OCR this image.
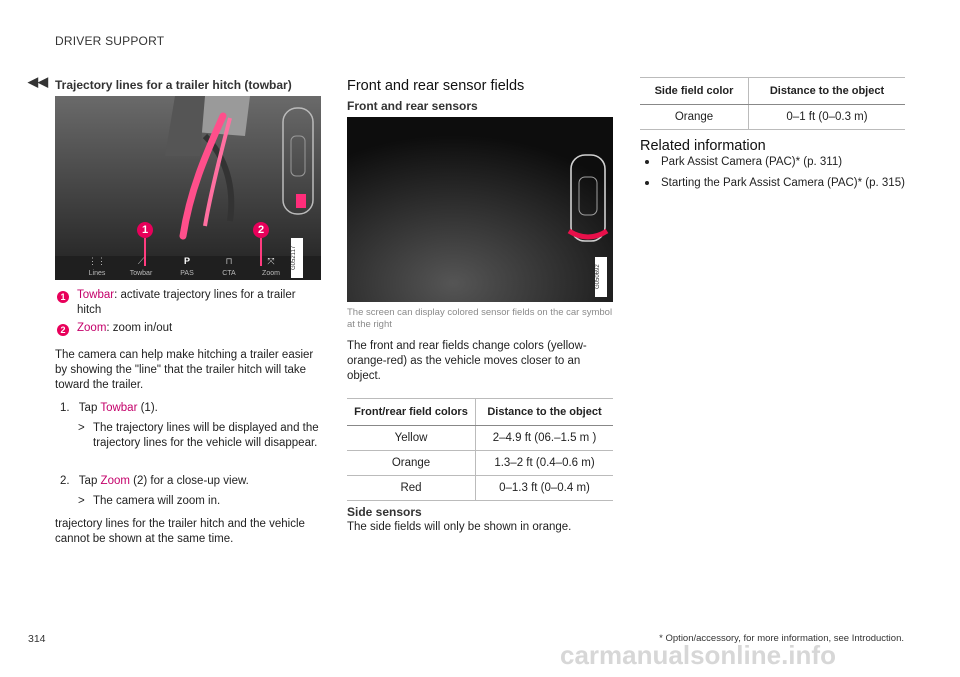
DRIVER SUPPORT
◀◀ Trajectory lines for a trailer hitch (towbar)
1	2
G052117
⋮⋮	⟋	P	⊓	⤧
Lines	Towbar	PAS	CTA	Zoom
1	Towbar: activate trajectory lines for a trailer hitch
2	Zoom: zoom in/out
The camera can help make hitching a trailer easier by showing the "line" that the trailer hitch will take toward the trailer.
1. Tap Towbar (1).
> The trajectory lines will be displayed and the trajectory lines for the vehicle will disappear.
2. Tap Zoom (2) for a close-up view.
> The camera will zoom in.
trajectory lines for the trailer hitch and the vehicle cannot be shown at the same time.
Front and rear sensor fields
Front and rear sensors
G050692
The screen can display colored sensor fields on the car symbol at the right
The front and rear fields change colors (yellow-orange-red) as the vehicle moves closer to an object.
Front/rear field colors	Distance to the object
Yellow	2–4.9 ft (06.–1.5 m )
Orange	1.3–2 ft (0.4–0.6 m)
Red	0–1.3 ft (0–0.4 m)
Side sensors
The side fields will only be shown in orange.
Side field color	Distance to the object
Orange	0–1 ft (0–0.3 m)
Related information
Park Assist Camera (PAC)* (p. 311)
Starting the Park Assist Camera (PAC)* (p. 315)
314	* Option/accessory, for more information, see Introduction.
carmanualsonline.info
